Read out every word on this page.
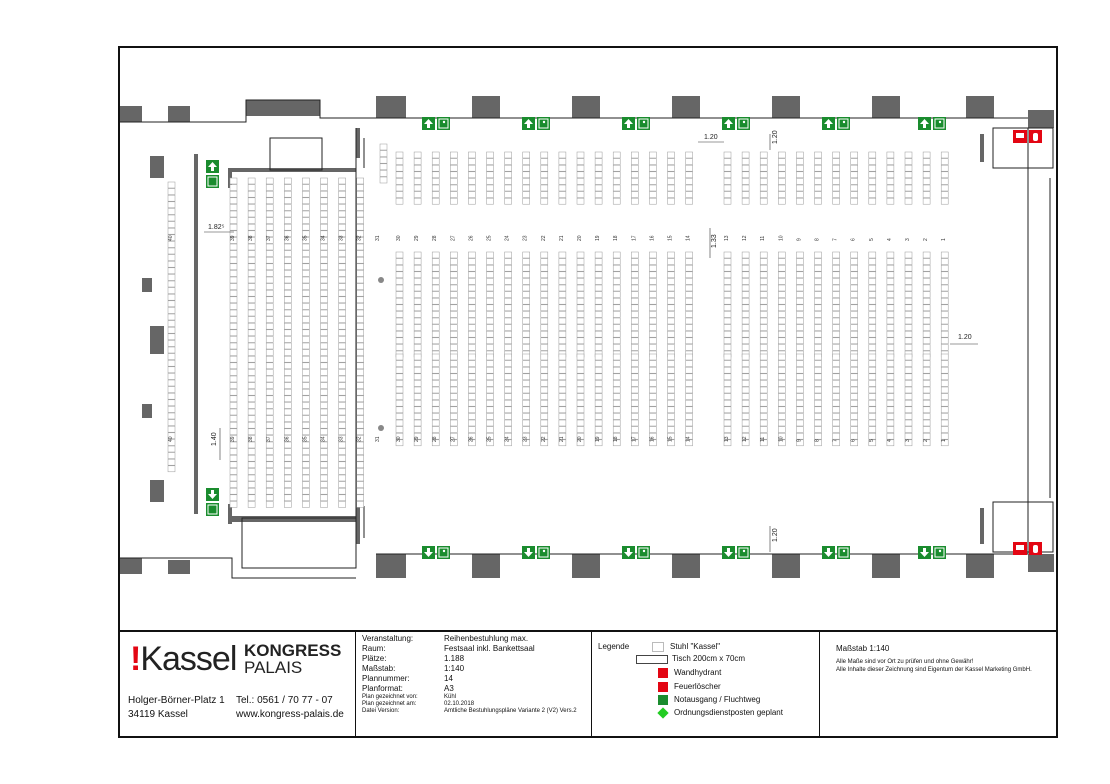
30 29 28 27 26 25 24 23 22 21 20 19 18 17 16 15 14	13 12 11 10 9 8 7 6 5 4 3 2 1
40	39 38 37 36 35 34 33 32 31
30 29 28 27 26 25 24 23 22 21 20 19 18 17 16 15 14	13 12 11 10 9 8 7 6 5 4 3 2 1
40	39 38 37 36 35 34 33 32 31
1.82⁵
1.40
1.20	1.20
1.33
1.20
1.20
!Kassel KONGRESS
PALAIS
Holger-Börner-Platz 1
34119 Kassel
Tel.: 0561 / 70 77 - 07
www.kongress-palais.de
Veranstaltung:	Reihenbestuhlung max.
Raum:	Festsaal inkl. Bankettsaal
Plätze:	1.188
Maßstab:	1:140
Plannummer:	14
Planformat:	A3
Plan gezeichnet von:	Kühl
Plan gezeichnet am:	02.10.2018
Datei Version:	Amtliche Bestuhlungspläne Variante 2 (V2) Vers.2
Legende	Stuhl "Kassel"
Tisch 200cm x 70cm
Wandhydrant
Feuerlöscher
Notausgang / Fluchtweg
Ordnungsdienstposten geplant
Maßstab 1:140
Alle Maße sind vor Ort zu prüfen und ohne Gewähr!
Alle Inhalte dieser Zeichnung sind Eigentum der Kassel Marketing GmbH.
